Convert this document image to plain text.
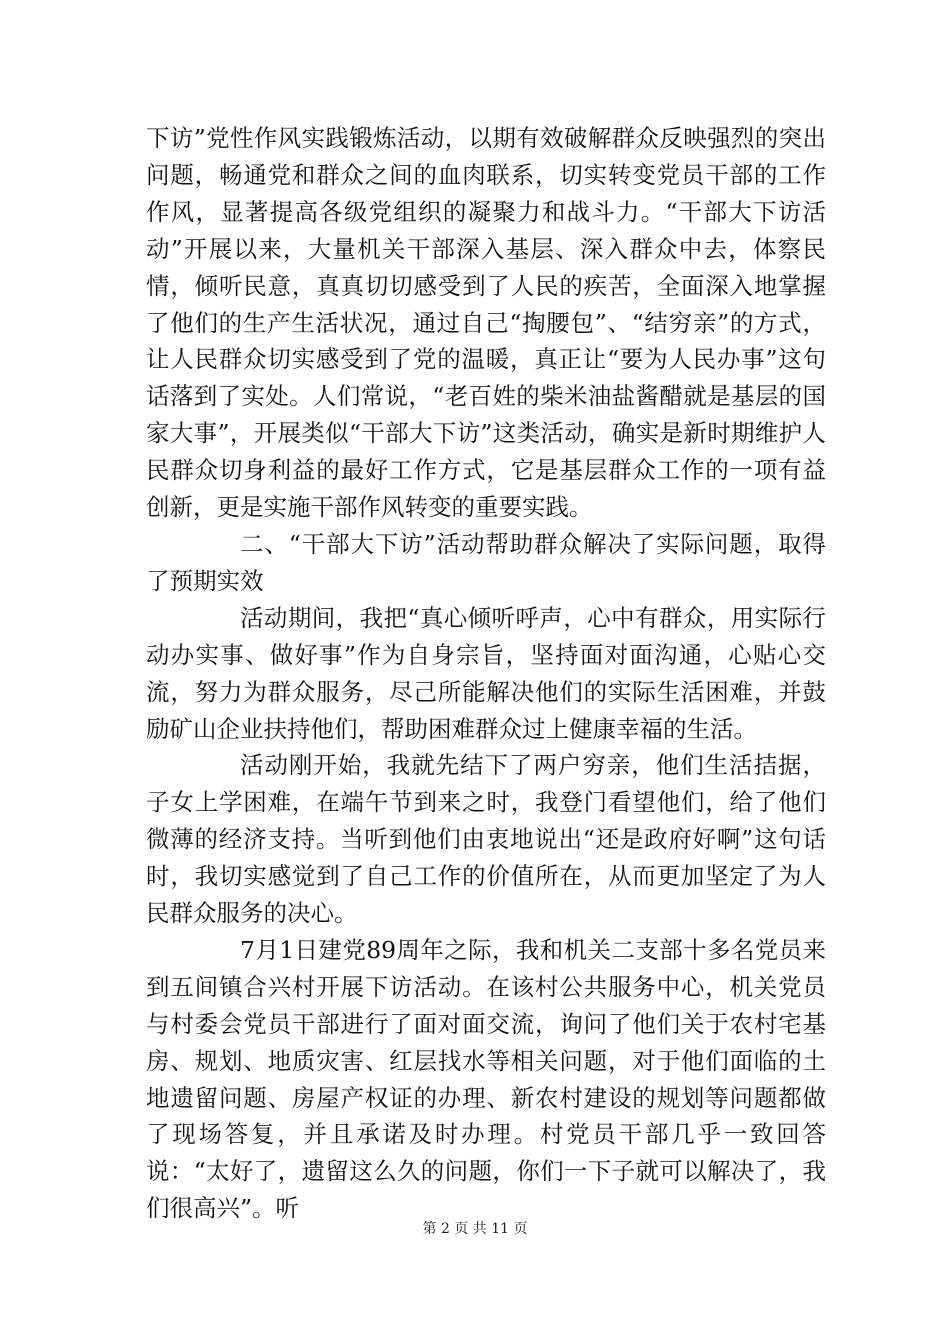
下访”党性作风实践锻炼活动，以期有效破解群众反映强烈的突出问题，畅通党和群众之间的血肉联系，切实转变党员干部的工作作风，显著提高各级党组织的凝聚力和战斗力。“干部大下访活动”开展以来，大量机关干部深入基层、深入群众中去，体察民情，倾听民意，真真切切感受到了人民的疾苦，全面深入地掌握了他们的生产生活状况，通过自己“掏腰包”、“结穷亲”的方式，让人民群众切实感受到了党的温暖，真正让“要为人民办事”这句话落到了实处。人们常说，“老百姓的柴米油盐酱醋就是基层的国家大事”，开展类似“干部大下访”这类活动，确实是新时期维护人民群众切身利益的最好工作方式，它是基层群众工作的一项有益创新，更是实施干部作风转变的重要实践。

二、“干部大下访”活动帮助群众解决了实际问题，取得了预期实效

活动期间，我把“真心倾听呼声，心中有群众，用实际行动办实事、做好事”作为自身宗旨，坚持面对面沟通，心贴心交流，努力为群众服务，尽己所能解决他们的实际生活困难，并鼓励矿山企业扶持他们，帮助困难群众过上健康幸福的生活。

活动刚开始，我就先结下了两户穷亲，他们生活拮据，子女上学困难，在端午节到来之时，我登门看望他们，给了他们微薄的经济支持。当听到他们由衷地说出“还是政府好啊”这句话时，我切实感觉到了自己工作的价值所在，从而更加坚定了为人民群众服务的决心。

7月1日建党89周年之际，我和机关二支部十多名党员来到五间镇合兴村开展下访活动。在该村公共服务中心，机关党员与村委会党员干部进行了面对面交流，询问了他们关于农村宅基房、规划、地质灾害、红层找水等相关问题，对于他们面临的土地遗留问题、房屋产权证的办理、新农村建设的规划等问题都做了现场答复，并且承诺及时办理。村党员干部几乎一致回答说：“太好了，遗留这么久的问题，你们一下子就可以解决了，我们很高兴”。听

第 2 页 共 11 页
